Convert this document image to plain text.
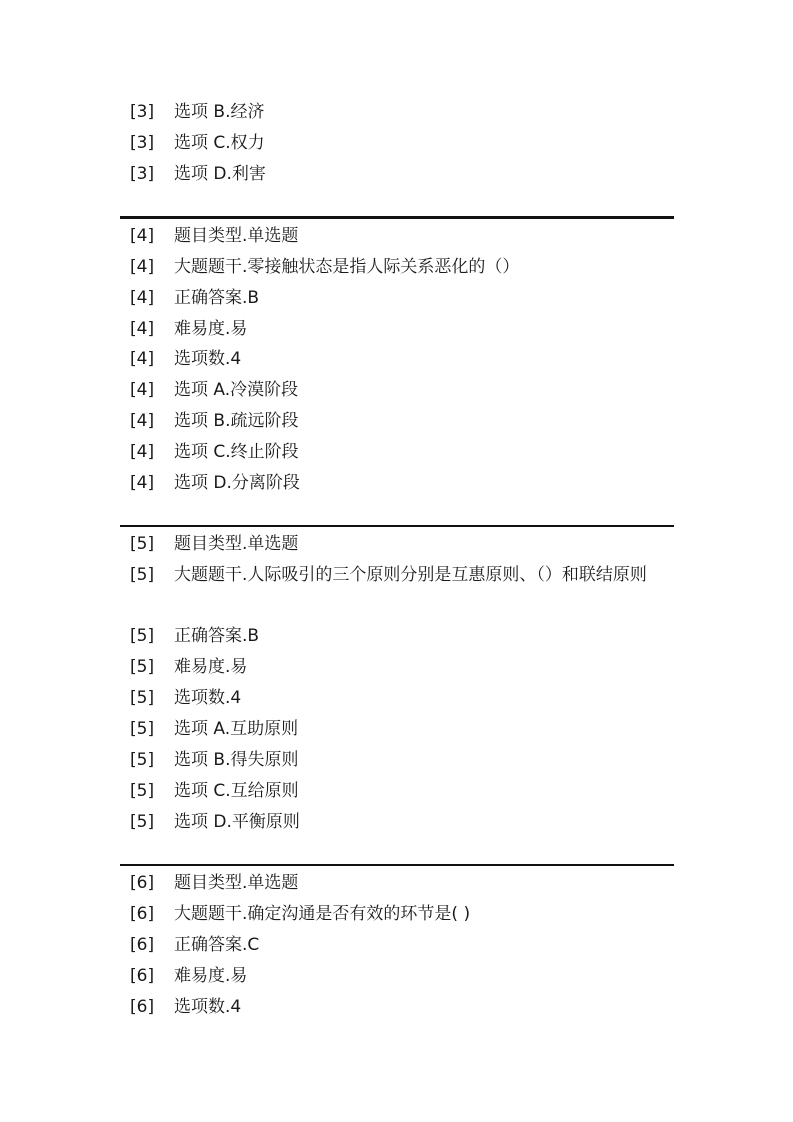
[3] 选项 B.经济
[3] 选项 C.权力
[3] 选项 D.利害
[4] 题目类型.单选题
[4] 大题题干.零接触状态是指人际关系恶化的（）
[4] 正确答案.B
[4] 难易度.易
[4] 选项数.4
[4] 选项 A.冷漠阶段
[4] 选项 B.疏远阶段
[4] 选项 C.终止阶段
[4] 选项 D.分离阶段
[5] 题目类型.单选题
[5] 大题题干.人际吸引的三个原则分别是互惠原则、（）和联结原则
[5] 正确答案.B
[5] 难易度.易
[5] 选项数.4
[5] 选项 A.互助原则
[5] 选项 B.得失原则
[5] 选项 C.互给原则
[5] 选项 D.平衡原则
[6] 题目类型.单选题
[6] 大题题干.确定沟通是否有效的环节是( )
[6] 正确答案.C
[6] 难易度.易
[6] 选项数.4
